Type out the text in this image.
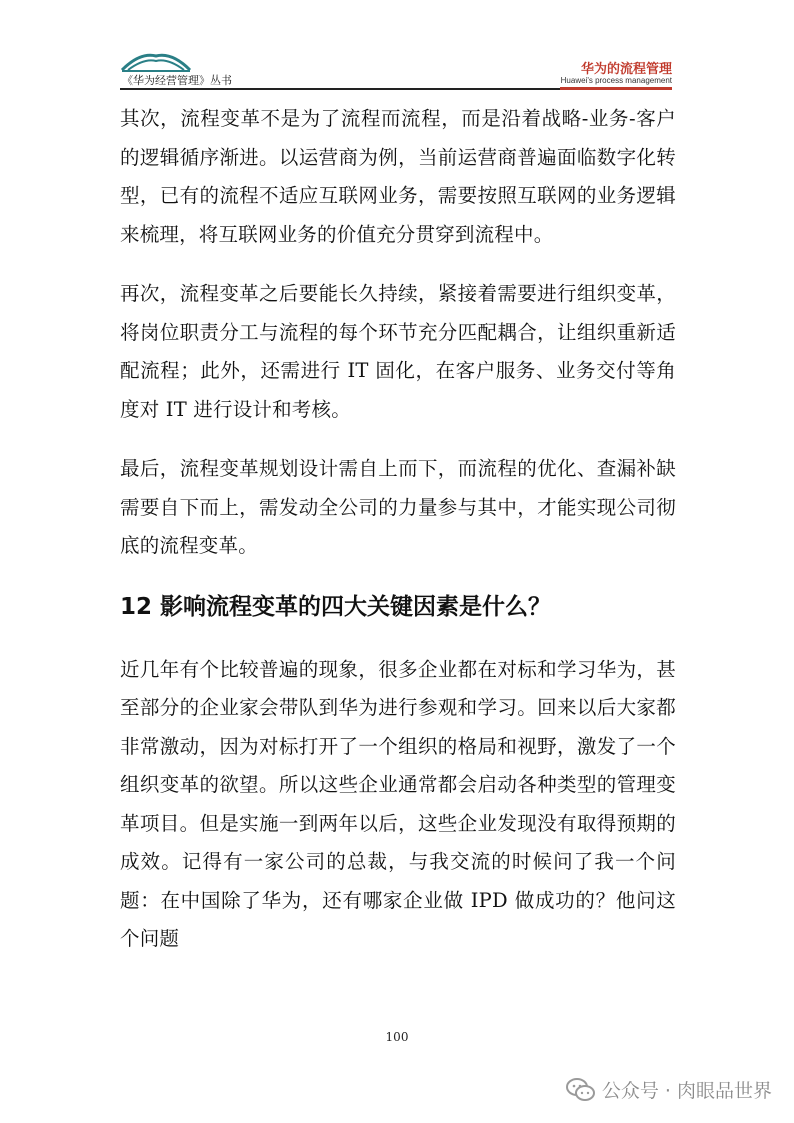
《华为经营管理》丛书
华为的流程管理
Huawei's process management

其次，流程变革不是为了流程而流程，而是沿着战略-业务-客户的逻辑循序渐进。以运营商为例，当前运营商普遍面临数字化转型，已有的流程不适应互联网业务，需要按照互联网的业务逻辑来梳理，将互联网业务的价值充分贯穿到流程中。

再次，流程变革之后要能长久持续，紧接着需要进行组织变革，将岗位职责分工与流程的每个环节充分匹配耦合，让组织重新适配流程；此外，还需进行 IT 固化，在客户服务、业务交付等角度对 IT 进行设计和考核。

最后，流程变革规划设计需自上而下，而流程的优化、查漏补缺需要自下而上，需发动全公司的力量参与其中，才能实现公司彻底的流程变革。

12 影响流程变革的四大关键因素是什么？

近几年有个比较普遍的现象，很多企业都在对标和学习华为，甚至部分的企业家会带队到华为进行参观和学习。回来以后大家都非常激动，因为对标打开了一个组织的格局和视野，激发了一个组织变革的欲望。所以这些企业通常都会启动各种类型的管理变革项目。但是实施一到两年以后，这些企业发现没有取得预期的成效。记得有一家公司的总裁，与我交流的时候问了我一个问题：在中国除了华为，还有哪家企业做 IPD 做成功的？他问这个问题

100
公众号 · 肉眼品世界
